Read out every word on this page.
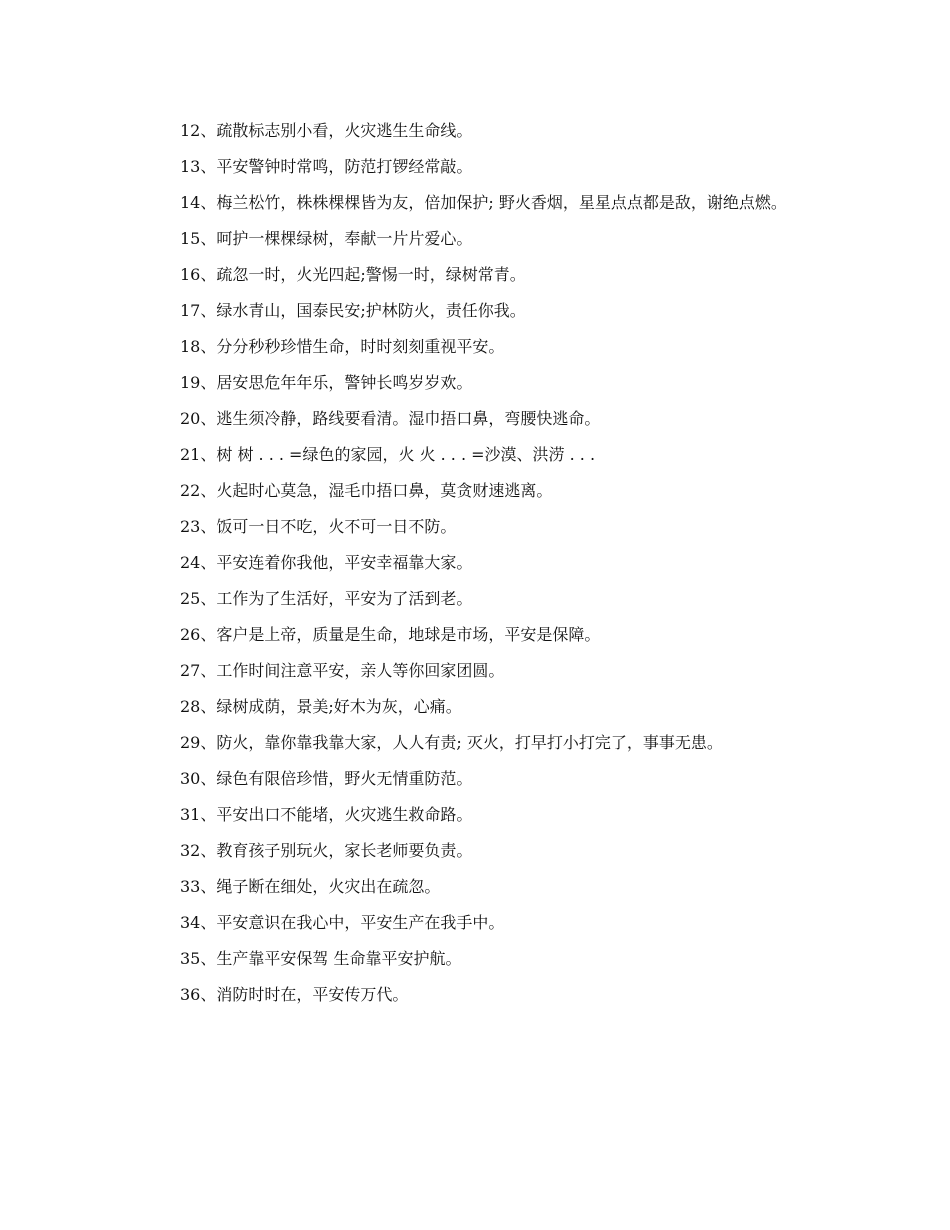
12、疏散标志别小看，火灾逃生生命线。

13、平安警钟时常鸣，防范打锣经常敲。

14、梅兰松竹，株株棵棵皆为友，倍加保护; 野火香烟，星星点点都是敌，谢绝点燃。

15、呵护一棵棵绿树，奉献一片片爱心。

16、疏忽一时，火光四起;警惕一时，绿树常青。

17、绿水青山，国泰民安;护林防火，责任你我。

18、分分秒秒珍惜生命，时时刻刻重视平安。

19、居安思危年年乐，警钟长鸣岁岁欢。

20、逃生须冷静，路线要看清。湿巾捂口鼻，弯腰快逃命。

21、树 树 . . . =绿色的家园，火 火 . . . =沙漠、洪涝 . . .

22、火起时心莫急，湿毛巾捂口鼻，莫贪财速逃离。

23、饭可一日不吃，火不可一日不防。

24、平安连着你我他，平安幸福靠大家。

25、工作为了生活好，平安为了活到老。

26、客户是上帝，质量是生命，地球是市场，平安是保障。

27、工作时间注意平安，亲人等你回家团圆。

28、绿树成荫，景美;好木为灰，心痛。

29、防火，靠你靠我靠大家，人人有责; 灭火，打早打小打完了，事事无患。

30、绿色有限倍珍惜，野火无情重防范。

31、平安出口不能堵，火灾逃生救命路。

32、教育孩子别玩火，家长老师要负责。

33、绳子断在细处，火灾出在疏忽。

34、平安意识在我心中，平安生产在我手中。

35、生产靠平安保驾 生命靠平安护航。

36、消防时时在，平安传万代。
